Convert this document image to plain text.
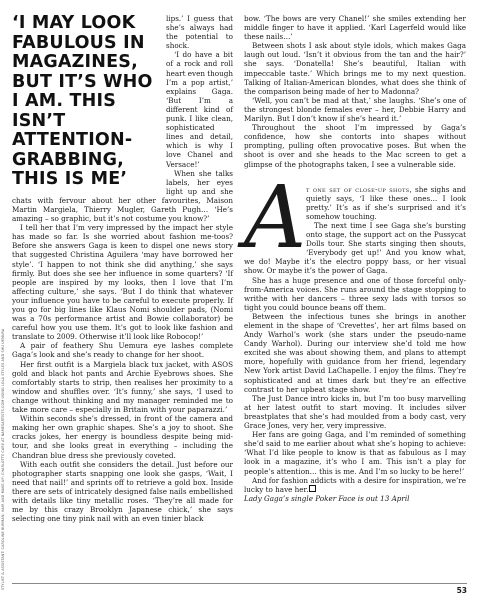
STYLIST & ASSISTANT: CAROLINE BURMAN. HAIR AND MAKE-UP: CHARLOTTE CARE AT NAMESARTISTS.COM USING LOLA STYLES AND SHU UEMURA
‘I MAY LOOK FABULOUS IN MAGAZINES, BUT IT’S WHO I AM. THIS ISN’T ATTENTION-GRABBING, THIS IS ME’

lips.’ I guess that she’s always had the potential to shock.

‘I do have a bit of a rock and roll heart even though I’m a pop artist,’ explains Gaga. ‘But I’m a different kind of punk. I like clean, sophisticated lines and detail, which is why I love Chanel and Versace!’

When she talks labels, her eyes light up and she chats with fervour about her other favourites, Maison Martin Margiela, Thierry Mugler, Gareth Pugh… ‘He’s amazing – so graphic, but it’s not costume you know?’

I tell her that I’m very impressed by the impact her style has made so far. Is she worried about fashion me-toos? Before she answers Gaga is keen to dispel one news story that suggested Christina Aguilera ‘may have borrowed her style’. ‘I happen to not think she did anything,’ she says firmly. But does she see her influence in some quarters? ‘If people are inspired by my looks, then I love that I’m affecting culture,’ she says. ‘But I do think that whatever your influence you have to be careful to execute properly. If you go for big lines like Klaus Nomi shoulder pads, (Nomi was a 70s performance artist and Bowie collaborator) be careful how you use them. It’s got to look like fashion and translate to 2009. Otherwise it’ll look like Robocop!’

A pair of feathery Shu Uemura eye lashes complete Gaga’s look and she’s ready to change for her shoot.

Her first outfit is a Margiela black tux jacket, with ASOS gold and black hot pants and Archie Eyebrows shoes. She comfortably starts to strip, then realises her proximity to a window and shuffles over. ‘It’s funny,’ she says, ‘I used to change without thinking and my manager reminded me to take more care – especially in Britain with your paparazzi.’

Within seconds she’s dressed, in front of the camera and making her own graphic shapes. She’s a joy to shoot. She cracks jokes, her energy is boundless despite being mid-tour, and she looks great in everything – including the Chandran blue dress she previously coveted.

With each outfit she considers the detail. Just before our photographer starts snapping one look she gasps, ‘Wait, I need that nail!’ and sprints off to retrieve a gold box. Inside there are sets of intricately designed false nails embellished with details like tiny metallic roses. ‘They’re all made for me by this crazy Brooklyn Japanese chick,’ she says selecting one tiny pink nail with an even tinier black

bow. ‘The bows are very Chanel!’ she smiles extending her middle finger to have it applied. ‘Karl Lagerfeld would like these nails…’

Between shots I ask about style idols, which makes Gaga laugh out loud. ‘Isn’t it obvious from the tan and the hair?’ she says. ‘Donatella! She’s beautiful, Italian with impeccable taste.’ Which brings me to my next question. Talking of Italian-American blondes, what does she think of the comparison being made of her to Madonna?

‘Well, you can’t be mad at that,’ she laughs. ‘She’s one of the strongest blonde females ever – her, Debbie Harry and Marilyn. But I don’t know if she’s heard it.’

Throughout the shoot I’m impressed by Gaga’s confidence, how she contorts into shapes without prompting, pulling often provocative poses. But when the shoot is over and she heads to the Mac screen to get a glimpse of the photographs taken, I see a vulnerable side.

At one set of close-up shots, she sighs and quietly says, ‘I like these ones… I look pretty.’ It’s as if she’s surprised and it’s somehow touching.

The next time I see Gaga she’s bursting onto stage, the support act on the Pussycat Dolls tour. She starts singing then shouts, ‘Everybody get up!’ And you know what, we do! Maybe it’s the electro poppy bass, or her visual show. Or maybe it’s the power of Gaga.

She has a huge presence and one of those forceful only-from-America voices. She runs around the stage stopping to writhe with her dancers – three sexy lads with torsos so tight you could bounce beans off them.

Between the infectious tunes she brings in another element in the shape of ‘Crevettes’, her art films based on Andy Warhol’s work (she stars under the pseudo-name Candy Warhol). During our interview she’d told me how excited she was about showing them, and plans to attempt more, hopefully with guidance from her friend, legendary New York artist David LaChapelle. I enjoy the films. They’re sophisticated and at times dark but they’re an effective contrast to her upbeat stage show.

The Just Dance intro kicks in, but I’m too busy marvelling at her latest outfit to start moving. It includes silver breastplates that she’s had moulded from a body cast, very Grace Jones, very her, very impressive.

Her fans are going Gaga, and I’m reminded of something she’d said to me earlier about what she’s hoping to achieve: ‘What I’d like people to know is that as fabulous as I may look in a magazine, it’s who I am. This isn’t a play for people’s attention… this is me. And I’m so lucky to be here!’

And for fashion addicts with a desire for inspiration, we’re lucky to have her.

Lady Gaga’s single Poker Face is out 13 April

53
